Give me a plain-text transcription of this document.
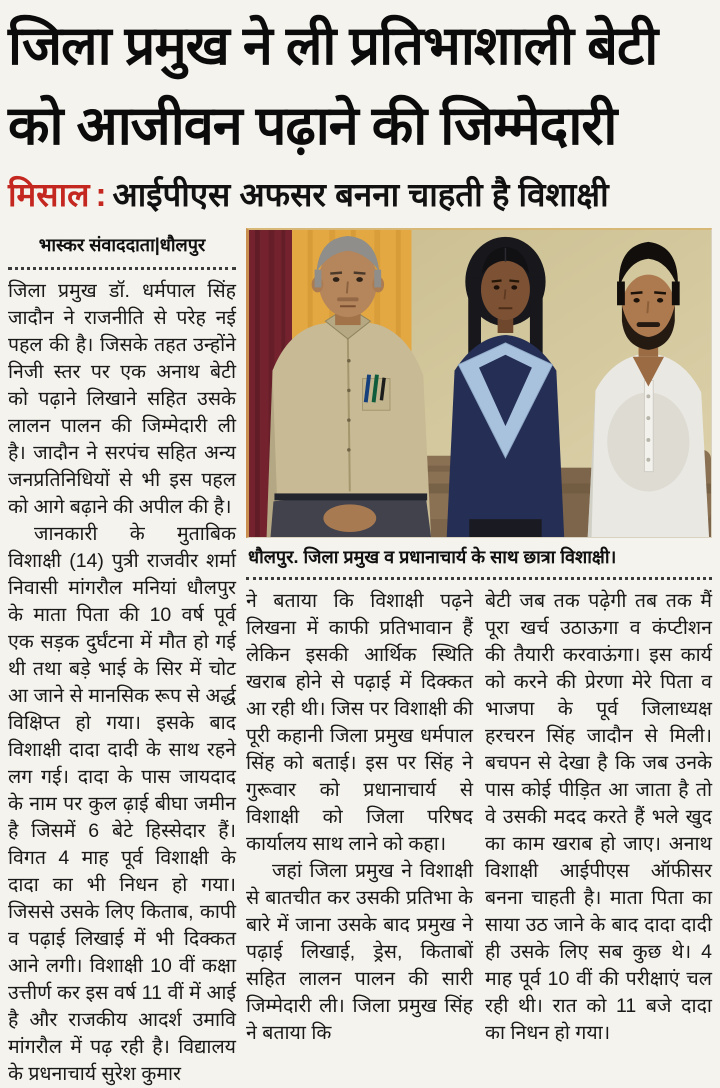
जिला प्रमुख ने ली प्रतिभाशाली बेटी
को आजीवन पढ़ाने की जिम्मेदारी
मिसाल : आईपीएस अफसर बनना चाहती है विशाक्षी
भास्कर संवाददाता|धौलपुर

जिला प्रमुख डॉ. धर्मपाल सिंह जादौन ने राजनीति से परेह नई पहल की है। जिसके तहत उन्होंने निजी स्तर पर एक अनाथ बेटी को पढ़ाने लिखाने सहित उसके लालन पालन की जिम्मेदारी ली है। जादौन ने सरपंच सहित अन्य जनप्रतिनिधियों से भी इस पहल को आगे बढ़ाने की अपील की है।

जानकारी के मुताबिक विशाक्षी (14) पुत्री राजवीर शर्मा निवासी मांगरौल मनियां धौलपुर के माता पिता की 10 वर्ष पूर्व एक सड़क दुर्घंटना में मौत हो गई थी तथा बड़े भाई के सिर में चोट आ जाने से मानसिक रूप से अर्द्ध विक्षिप्त हो गया। इसके बाद विशाक्षी दादा दादी के साथ रहने लग गई। दादा के पास जायदाद के नाम पर कुल ढ़ाई बीघा जमीन है जिसमें 6 बेटे हिस्सेदार हैं। विगत 4 माह पूर्व विशाक्षी के दादा का भी निधन हो गया। जिससे उसके लिए किताब, कापी व पढ़ाई लिखाई में भी दिक्कत आने लगी। विशाक्षी 10 वीं कक्षा उत्तीर्ण कर इस वर्ष 11 वीं में आई है और राजकीय आदर्श उमावि मांगरौल में पढ़ रही है। विद्यालय के प्रधनाचार्य सुरेश कुमार

धौलपुर. जिला प्रमुख व प्रधानाचार्य के साथ छात्रा विशाक्षी।

ने बताया कि विशाक्षी पढ़ने लिखना में काफी प्रतिभावान हैं लेकिन इसकी आर्थिक स्थिति खराब होने से पढ़ाई में दिक्कत आ रही थी। जिस पर विशाक्षी की पूरी कहानी जिला प्रमुख धर्मपाल सिंह को बताई। इस पर सिंह ने गुरूवार को प्रधानाचार्य से विशाक्षी को जिला परिषद कार्यालय साथ लाने को कहा।

जहां जिला प्रमुख ने विशाक्षी से बातचीत कर उसकी प्रतिभा के बारे में जाना उसके बाद प्रमुख ने पढ़ाई लिखाई, ड्रेस, किताबों सहित लालन पालन की सारी जिम्मेदारी ली। जिला प्रमुख सिंह ने बताया कि

बेटी जब तक पढ़ेगी तब तक मैं पूरा खर्च उठाऊगा व कंप्टीशन की तैयारी करवाऊंगा। इस कार्य को करने की प्रेरणा मेरे पिता व भाजपा के पूर्व जिलाध्यक्ष हरचरन सिंह जादौन से मिली। बचपन से देखा है कि जब उनके पास कोई पीड़ित आ जाता है तो वे उसकी मदद करते हैं भले खुद का काम खराब हो जाए। अनाथ विशाक्षी आईपीएस ऑफीसर बनना चाहती है। माता पिता का साया उठ जाने के बाद दादा दादी ही उसके लिए सब कुछ थे। 4 माह पूर्व 10 वीं की परीक्षाएं चल रही थी। रात को 11 बजे दादा का निधन हो गया।
